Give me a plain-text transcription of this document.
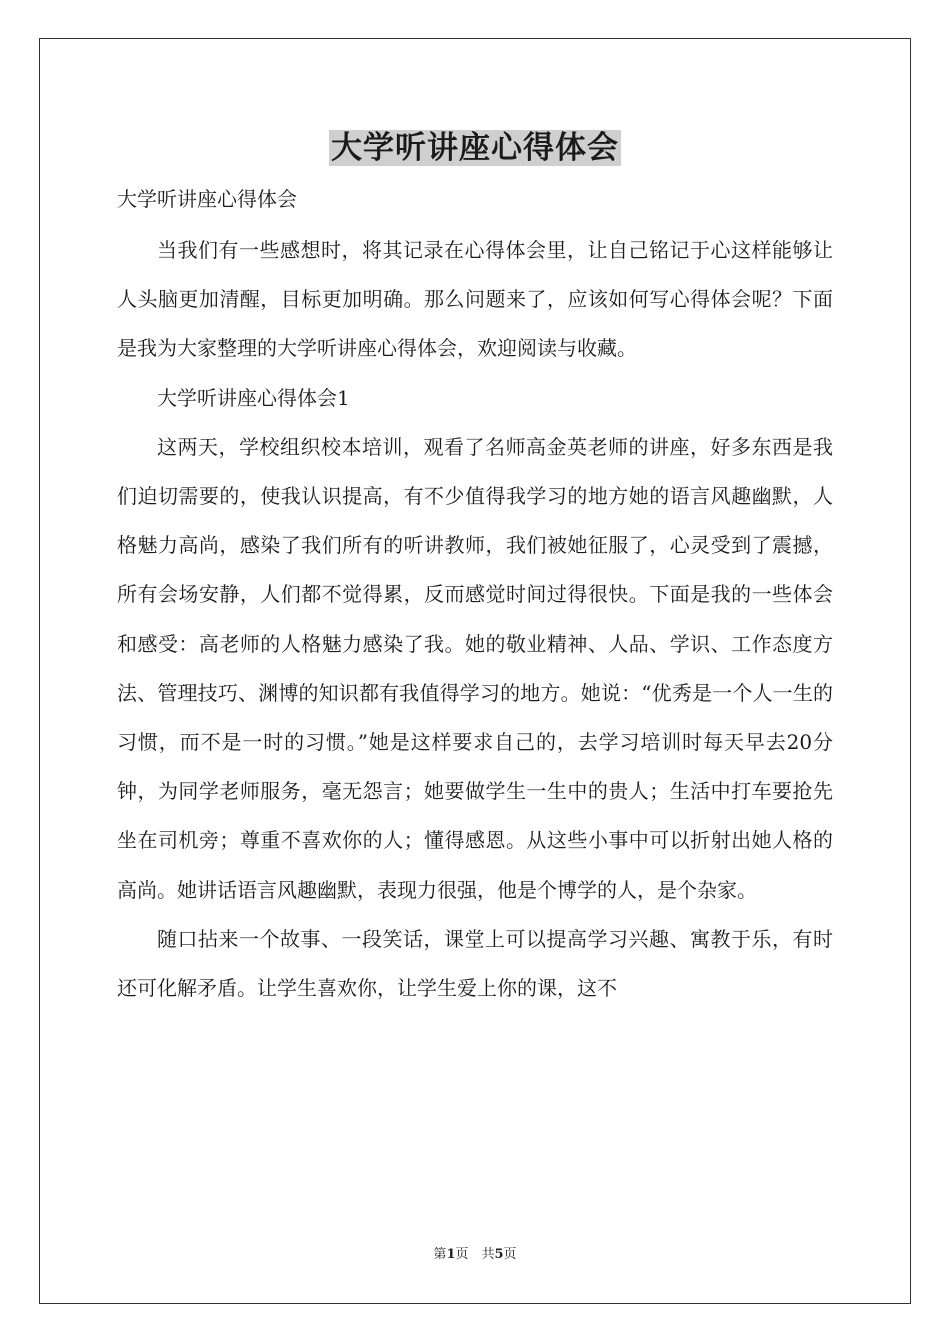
大学听讲座心得体会

大学听讲座心得体会

当我们有一些感想时，将其记录在心得体会里，让自己铭记于心这样能够让人头脑更加清醒，目标更加明确。那么问题来了，应该如何写心得体会呢？下面是我为大家整理的大学听讲座心得体会，欢迎阅读与收藏。

大学听讲座心得体会1

这两天，学校组织校本培训，观看了名师高金英老师的讲座，好多东西是我们迫切需要的，使我认识提高，有不少值得我学习的地方她的语言风趣幽默，人格魅力高尚，感染了我们所有的听讲教师，我们被她征服了，心灵受到了震撼，所有会场安静，人们都不觉得累，反而感觉时间过得很快。下面是我的一些体会和感受：高老师的人格魅力感染了我。她的敬业精神、人品、学识、工作态度方法、管理技巧、渊博的知识都有我值得学习的地方。她说：“优秀是一个人一生的习惯，而不是一时的习惯。”她是这样要求自己的，去学习培训时每天早去20分钟，为同学老师服务，毫无怨言；她要做学生一生中的贵人；生活中打车要抢先坐在司机旁；尊重不喜欢你的人；懂得感恩。从这些小事中可以折射出她人格的高尚。她讲话语言风趣幽默，表现力很强，他是个博学的人，是个杂家。

随口拈来一个故事、一段笑话，课堂上可以提高学习兴趣、寓教于乐，有时还可化解矛盾。让学生喜欢你，让学生爱上你的课，这不

第1页　共5页
